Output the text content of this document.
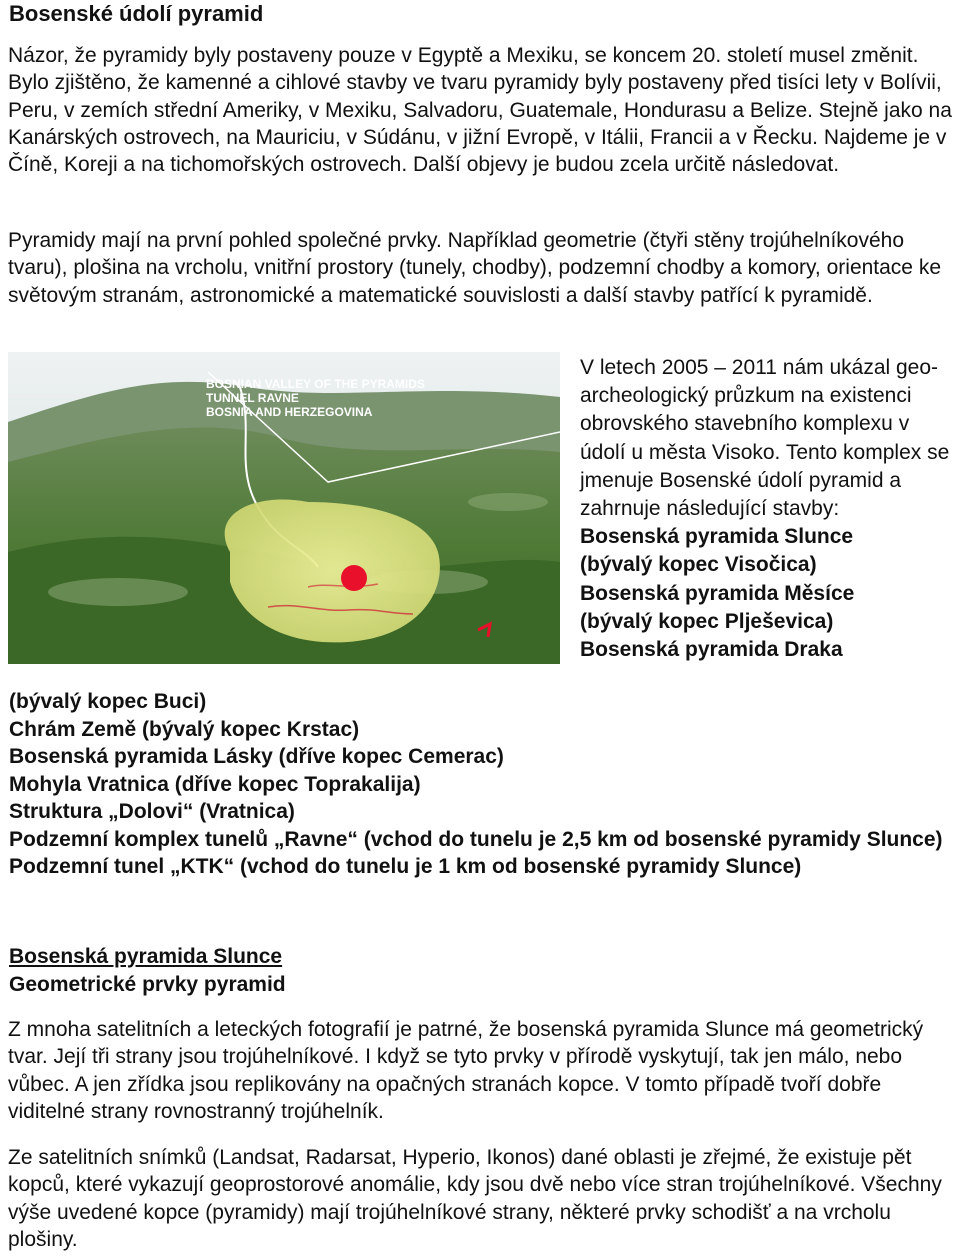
Bosenské údolí pyramid

Názor, že pyramidy byly postaveny pouze v Egyptě a Mexiku, se koncem 20. století musel změnit. Bylo zjištěno, že kamenné a cihlové stavby ve tvaru pyramidy byly postaveny před tisíci lety v Bolívii, Peru, v zemích střední Ameriky, v Mexiku, Salvadoru, Guatemale, Hondurasu a Belize. Stejně jako na Kanárských ostrovech, na Mauriciu, v Súdánu, v jižní Evropě, v Itálii, Francii a v Řecku. Najdeme je v Číně, Koreji a na tichomořských ostrovech. Další objevy je budou zcela určitě následovat.

Pyramidy mají na první pohled společné prvky. Například geometrie (čtyři stěny trojúhelníkového tvaru), plošina na vrcholu, vnitřní prostory (tunely, chodby), podzemní chodby a komory, orientace ke světovým stranám, astronomické a matematické souvislosti a další stavby patřící k pyramidě.

BOSNIAN VALLEY OF THE PYRAMIDS
TUNNEL RAVNE
BOSNIA AND HERZEGOVINA
V letech 2005 – 2011 nám ukázal geo-archeologický průzkum na existenci obrovského stavebního komplexu v údolí u města Visoko. Tento komplex se jmenuje Bosenské údolí pyramid a zahrnuje následující stavby:
Bosenská pyramida Slunce
(bývalý kopec Visočica)
Bosenská pyramida Měsíce
(bývalý kopec Plješevica)
Bosenská pyramida Draka
(bývalý kopec Buci)
Chrám Země (bývalý kopec Krstac)
Bosenská pyramida Lásky (dříve kopec Cemerac)
Mohyla Vratnica (dříve kopec Toprakalija)
Struktura „Dolovi“ (Vratnica)
Podzemní komplex tunelů „Ravne“ (vchod do tunelu je 2,5 km od bosenské pyramidy Slunce)
Podzemní tunel „KTK“ (vchod do tunelu je 1 km od bosenské pyramidy Slunce)
Bosenská pyramida Slunce
Geometrické prvky pyramid

Z mnoha satelitních a leteckých fotografií je patrné, že bosenská pyramida Slunce má geometrický tvar. Její tři strany jsou trojúhelníkové. I když se tyto prvky v přírodě vyskytují, tak jen málo, nebo vůbec. A jen zřídka jsou replikovány na opačných stranách kopce. V tomto případě tvoří dobře viditelné strany rovnostranný trojúhelník.

Ze satelitních snímků (Landsat, Radarsat, Hyperio, Ikonos) dané oblasti je zřejmé, že existuje pět kopců, které vykazují geoprostorové anomálie, kdy jsou dvě nebo více stran trojúhelníkové. Všechny výše uvedené kopce (pyramidy) mají trojúhelníkové strany, některé prvky schodišť a na vrcholu plošiny.
